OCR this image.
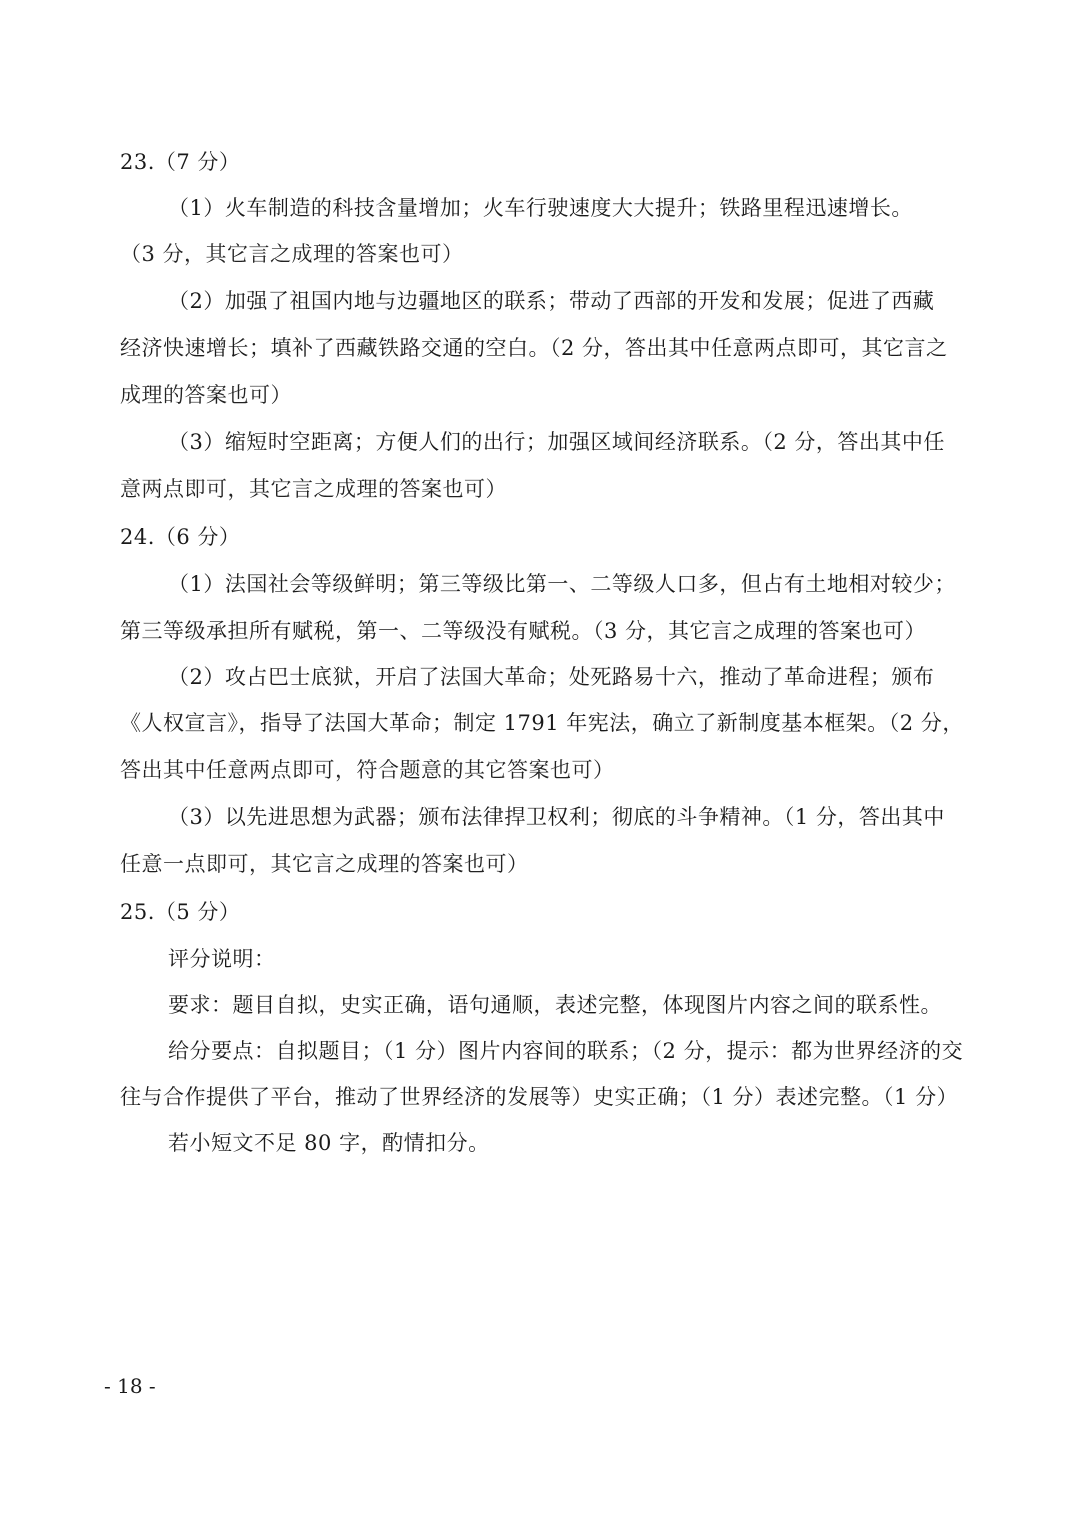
23.（7 分）
（1）火车制造的科技含量增加；火车行驶速度大大提升；铁路里程迅速增长。
（3 分，其它言之成理的答案也可）
（2）加强了祖国内地与边疆地区的联系；带动了西部的开发和发展；促进了西藏
经济快速增长；填补了西藏铁路交通的空白。（2 分，答出其中任意两点即可，其它言之
成理的答案也可）
（3）缩短时空距离；方便人们的出行；加强区域间经济联系。（2 分，答出其中任
意两点即可，其它言之成理的答案也可）
24.（6 分）
（1）法国社会等级鲜明；第三等级比第一、二等级人口多，但占有土地相对较少；
第三等级承担所有赋税，第一、二等级没有赋税。（3 分，其它言之成理的答案也可）
（2）攻占巴士底狱，开启了法国大革命；处死路易十六，推动了革命进程；颁布
《人权宣言》，指导了法国大革命；制定 1791 年宪法，确立了新制度基本框架。（2 分，
答出其中任意两点即可，符合题意的其它答案也可）
（3）以先进思想为武器；颁布法律捍卫权利；彻底的斗争精神。（1 分，答出其中
任意一点即可，其它言之成理的答案也可）
25.（5 分）
评分说明：
要求：题目自拟，史实正确，语句通顺，表述完整，体现图片内容之间的联系性。
给分要点：自拟题目；（1 分）图片内容间的联系；（2 分，提示：都为世界经济的交
往与合作提供了平台，推动了世界经济的发展等）史实正确；（1 分）表述完整。（1 分）
若小短文不足 80 字，酌情扣分。
- 18 -
